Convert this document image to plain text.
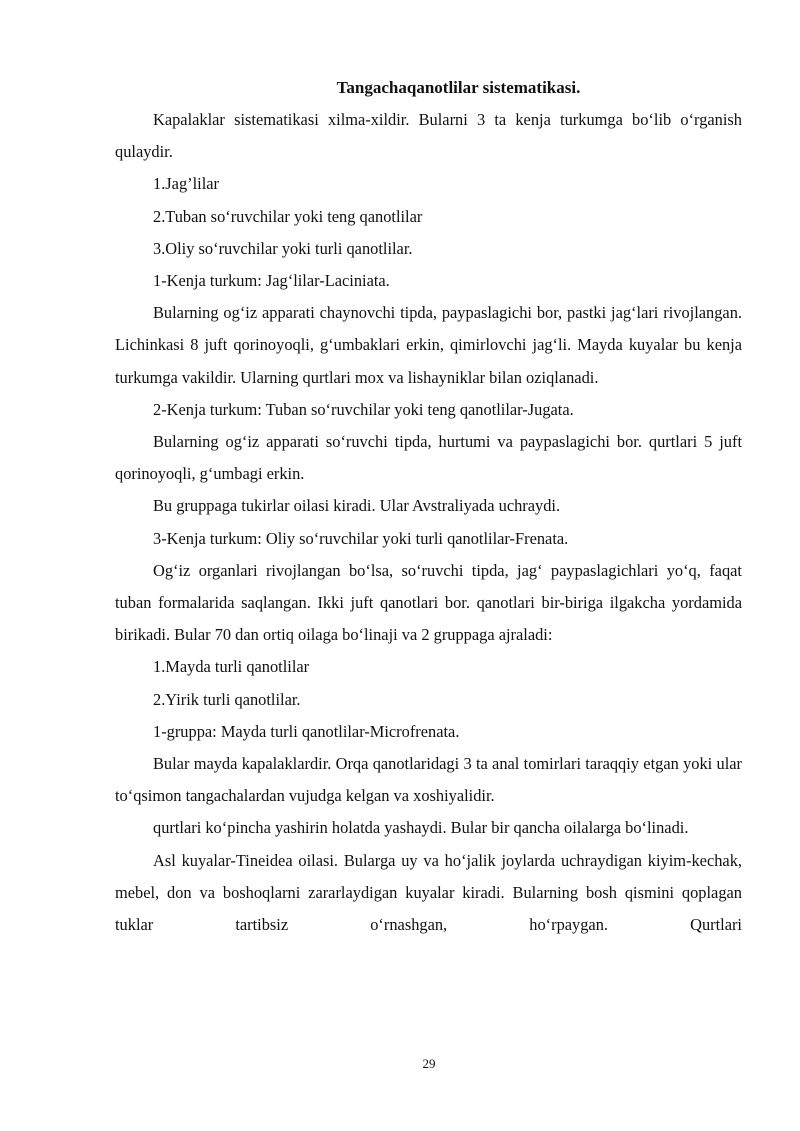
Tangachaqanotlilar sistematikasi.

Kapalaklar sistematikasi xilma-xildir. Bularni 3 ta kenja turkumga bo‘lib o‘rganish qulaydir.

1.Jag’lilar

2.Tuban so‘ruvchilar yoki teng qanotlilar

3.Oliy so‘ruvchilar yoki turli qanotlilar.

1-Kenja turkum: Jag‘lilar-Laciniata.

Bularning og‘iz apparati chaynovchi tipda, paypaslagichi bor, pastki jag‘lari rivojlangan. Lichinkasi 8 juft qorinoyoqli, g‘umbaklari erkin, qimirlovchi jag‘li. Mayda kuyalar bu kenja turkumga vakildir. Ularning qurtlari mox va lishayniklar bilan oziqlanadi.

2-Kenja turkum: Tuban so‘ruvchilar yoki teng qanotlilar-Jugata.

Bularning og‘iz apparati so‘ruvchi tipda, hurtumi va paypaslagichi bor. qurtlari 5 juft qorinoyoqli, g‘umbagi erkin.

Bu gruppaga tukirlar oilasi kiradi. Ular Avstraliyada uchraydi.

3-Kenja turkum: Oliy so‘ruvchilar yoki turli qanotlilar-Frenata.

Og‘iz organlari rivojlangan bo‘lsa, so‘ruvchi tipda, jag‘ paypaslagichlari yo‘q, faqat tuban formalarida saqlangan. Ikki juft qanotlari bor. qanotlari bir-biriga ilgakcha yordamida birikadi. Bular 70 dan ortiq oilaga bo‘linaji va 2 gruppaga ajraladi:

1.Mayda turli qanotlilar

2.Yirik turli qanotlilar.

1-gruppa: Mayda turli qanotlilar-Microfrenata.

Bular mayda kapalaklardir. Orqa qanotlaridagi 3 ta anal tomirlari taraqqiy etgan yoki ular to‘qsimon tangachalardan vujudga kelgan va xoshiyalidir.

qurtlari ko‘pincha yashirin holatda yashaydi. Bular bir qancha oilalarga bo‘linadi.

Asl kuyalar-Tineidea oilasi. Bularga uy va ho‘jalik joylarda uchraydigan kiyim-kechak, mebel, don va boshoqlarni zararlaydigan kuyalar kiradi. Bularning bosh qismini qoplagan tuklar tartibsiz o‘rnashgan, ho‘rpaygan. Qurtlari

29
